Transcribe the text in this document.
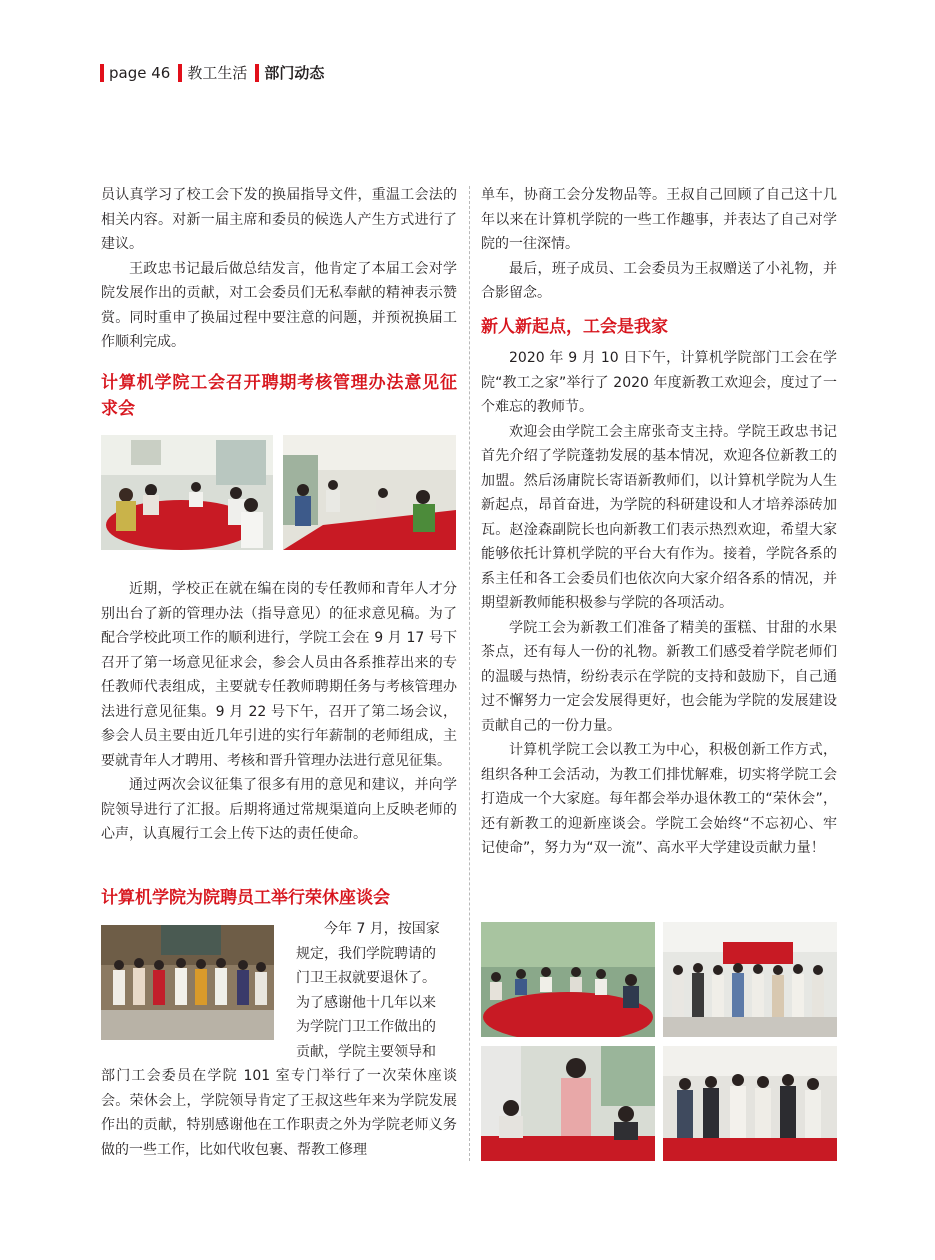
page 46 教工生活 部门动态

员认真学习了校工会下发的换届指导文件，重温工会法的相关内容。对新一届主席和委员的候选人产生方式进行了建议。

王政忠书记最后做总结发言，他肯定了本届工会对学院发展作出的贡献，对工会委员们无私奉献的精神表示赞赏。同时重申了换届过程中要注意的问题，并预祝换届工作顺利完成。

计算机学院工会召开聘期考核管理办法意见征求会

近期，学校正在就在编在岗的专任教师和青年人才分别出台了新的管理办法（指导意见）的征求意见稿。为了配合学校此项工作的顺利进行，学院工会在 9 月 17 号下召开了第一场意见征求会，参会人员由各系推荐出来的专任教师代表组成，主要就专任教师聘期任务与考核管理办法进行意见征集。9 月 22 号下午，召开了第二场会议，参会人员主要由近几年引进的实行年薪制的老师组成，主要就青年人才聘用、考核和晋升管理办法进行意见征集。

通过两次会议征集了很多有用的意见和建议，并向学院领导进行了汇报。后期将通过常规渠道向上反映老师的心声，认真履行工会上传下达的责任使命。

计算机学院为院聘员工举行荣休座谈会

今年 7 月，按国家
规定，我们学院聘请的
门卫王叔就要退休了。
为了感谢他十几年以来
为学院门卫工作做出的
贡献，学院主要领导和

部门工会委员在学院 101 室专门举行了一次荣休座谈会。荣休会上，学院领导肯定了王叔这些年来为学院发展作出的贡献，特别感谢他在工作职责之外为学院老师义务做的一些工作，比如代收包裹、帮教工修理

单车，协商工会分发物品等。王叔自己回顾了自己这十几年以来在计算机学院的一些工作趣事，并表达了自己对学院的一往深情。

最后，班子成员、工会委员为王叔赠送了小礼物，并合影留念。

新人新起点，工会是我家

2020 年 9 月 10 日下午，计算机学院部门工会在学院“教工之家”举行了 2020 年度新教工欢迎会，度过了一个难忘的教师节。

欢迎会由学院工会主席张奇支主持。学院王政忠书记首先介绍了学院蓬勃发展的基本情况，欢迎各位新教工的加盟。然后汤庸院长寄语新教师们，以计算机学院为人生新起点，昂首奋进，为学院的科研建设和人才培养添砖加瓦。赵淦森副院长也向新教工们表示热烈欢迎，希望大家能够依托计算机学院的平台大有作为。接着，学院各系的系主任和各工会委员们也依次向大家介绍各系的情况，并期望新教师能积极参与学院的各项活动。

学院工会为新教工们准备了精美的蛋糕、甘甜的水果茶点，还有每人一份的礼物。新教工们感受着学院老师们的温暖与热情，纷纷表示在学院的支持和鼓励下，自己通过不懈努力一定会发展得更好，也会能为学院的发展建设贡献自己的一份力量。

计算机学院工会以教工为中心，积极创新工作方式，组织各种工会活动，为教工们排忧解难，切实将学院工会打造成一个大家庭。每年都会举办退休教工的“荣休会”，还有新教工的迎新座谈会。学院工会始终“不忘初心、牢记使命”，努力为“双一流”、高水平大学建设贡献力量！
